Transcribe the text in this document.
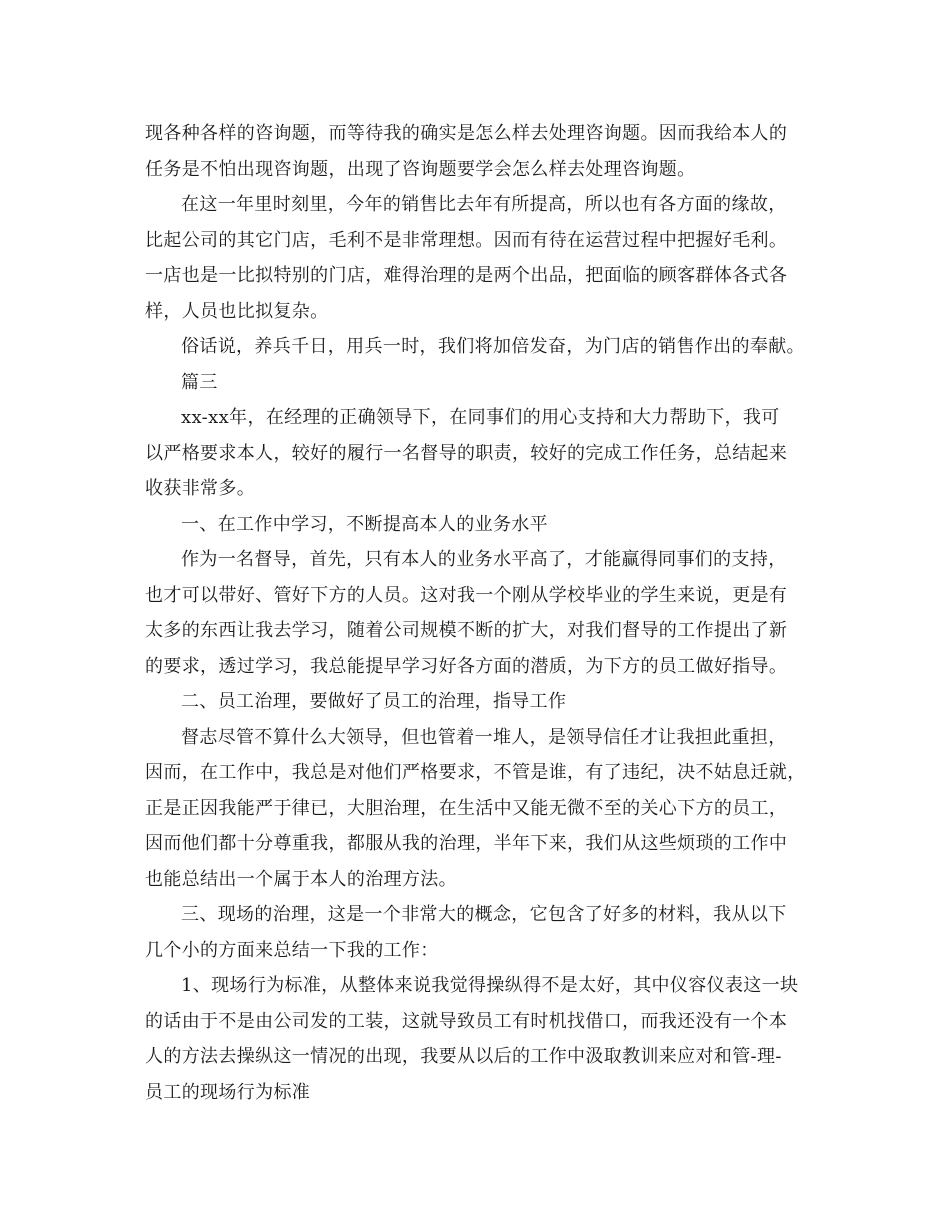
现各种各样的咨询题，而等待我的确实是怎么样去处理咨询题。因而我给本人的
任务是不怕出现咨询题，出现了咨询题要学会怎么样去处理咨询题。
在这一年里时刻里，今年的销售比去年有所提高，所以也有各方面的缘故，
比起公司的其它门店，毛利不是非常理想。因而有待在运营过程中把握好毛利。
一店也是一比拟特别的门店，难得治理的是两个出品，把面临的顾客群体各式各
样，人员也比拟复杂。
俗话说，养兵千日，用兵一时，我们将加倍发奋，为门店的销售作出的奉献。
篇三
xx-xx年，在经理的正确领导下，在同事们的用心支持和大力帮助下，我可
以严格要求本人，较好的履行一名督导的职责，较好的完成工作任务，总结起来
收获非常多。
一、在工作中学习，不断提高本人的业务水平
作为一名督导，首先，只有本人的业务水平高了，才能赢得同事们的支持，
也才可以带好、管好下方的人员。这对我一个刚从学校毕业的学生来说，更是有
太多的东西让我去学习，随着公司规模不断的扩大，对我们督导的工作提出了新
的要求，透过学习，我总能提早学习好各方面的潜质，为下方的员工做好指导。
二、员工治理，要做好了员工的治理，指导工作
督志尽管不算什么大领导，但也管着一堆人，是领导信任才让我担此重担，
因而，在工作中，我总是对他们严格要求，不管是谁，有了违纪，决不姑息迁就，
正是正因我能严于律已，大胆治理，在生活中又能无微不至的关心下方的员工，
因而他们都十分尊重我，都服从我的治理，半年下来，我们从这些烦琐的工作中
也能总结出一个属于本人的治理方法。
三、现场的治理，这是一个非常大的概念，它包含了好多的材料，我从以下
几个小的方面来总结一下我的工作：
1、现场行为标准，从整体来说我觉得操纵得不是太好，其中仪容仪表这一块
的话由于不是由公司发的工装，这就导致员工有时机找借口，而我还没有一个本
人的方法去操纵这一情况的出现，我要从以后的工作中汲取教训来应对和管-理-
员工的现场行为标准
